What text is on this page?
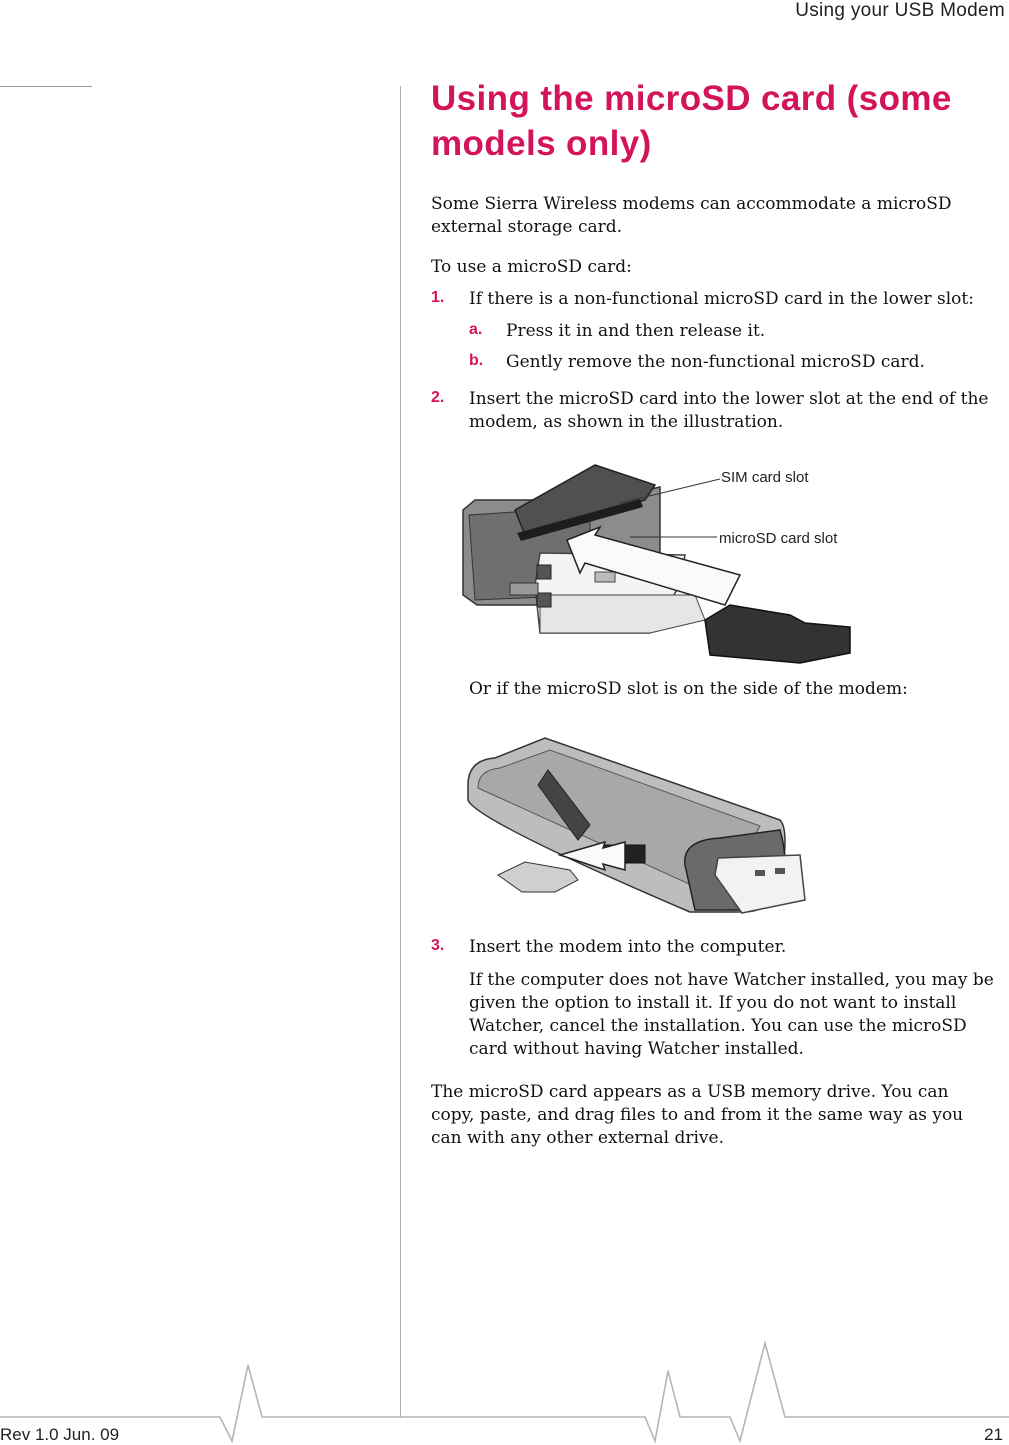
Using your USB Modem
Using the microSD card (some models only)
Some Sierra Wireless modems can accommodate a microSD external storage card.
To use a microSD card:
1. If there is a non-functional microSD card in the lower slot:
a. Press it in and then release it.
b. Gently remove the non-functional microSD card.
2. Insert the microSD card into the lower slot at the end of the modem, as shown in the illustration.
Or if the microSD slot is on the side of the modem:
3. Insert the modem into the computer.
If the computer does not have Watcher installed, you may be given the option to install it. If you do not want to install Watcher, cancel the installation. You can use the microSD card without having Watcher installed.
The microSD card appears as a USB memory drive. You can copy, paste, and drag files to and from it the same way as you can with any other external drive.
SIM card slot
microSD card slot
Rev 1.0 Jun. 09	21
